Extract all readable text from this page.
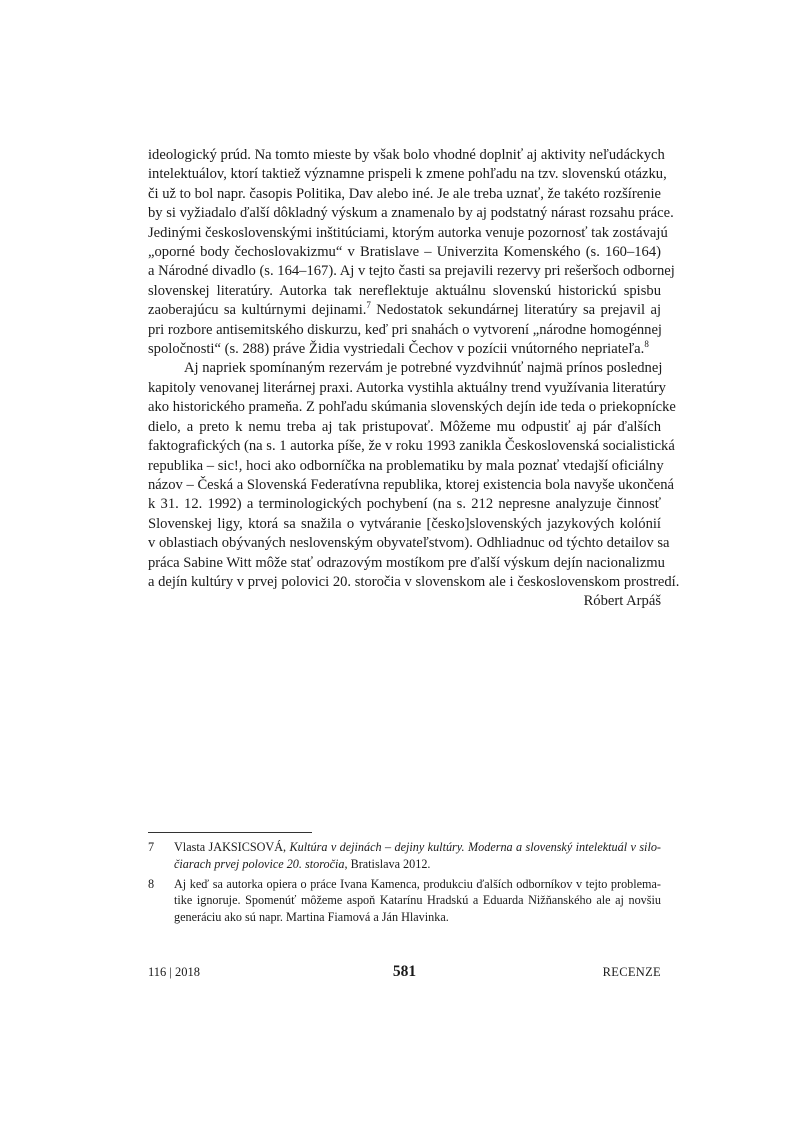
ideologický prúd. Na tomto mieste by však bolo vhodné doplniť aj aktivity neľudáckych
intelektuálov, ktorí taktiež významne prispeli k zmene pohľadu na tzv. slovenskú otázku,
či už to bol napr. časopis Politika, Dav alebo iné. Je ale treba uznať, že takéto rozšírenie
by si vyžiadalo ďalší dôkladný výskum a znamenalo by aj podstatný nárast rozsahu práce.
Jedinými československými inštitúciami, ktorým autorka venuje pozornosť tak zostávajú
„oporné body čechoslovakizmu“ v Bratislave – Univerzita Komenského (s. 160–164)
a Národné divadlo (s. 164–167). Aj v tejto časti sa prejavili rezervy pri rešeršoch odbornej
slovenskej literatúry. Autorka tak nereflektuje aktuálnu slovenskú historickú spisbu
zaoberajúcu sa kultúrnymi dejinami.$^7$ Nedostatok sekundárnej literatúry sa prejavil aj
pri rozbore antisemitského diskurzu, keď pri snahách o vytvorení „národne homogénnej
spoločnosti“ (s. 288) práve Židia vystriedali Čechov v pozícii vnútorného nepriateľa.$^8$
Aj napriek spomínaným rezervám je potrebné vyzdvihnúť najmä prínos poslednej
kapitoly venovanej literárnej praxi. Autorka vystihla aktuálny trend využívania literatúry
ako historického prameňa. Z pohľadu skúmania slovenských dejín ide teda o priekopnícke
dielo, a preto k nemu treba aj tak pristupovať. Môžeme mu odpustiť aj pár ďalších
faktografických (na s. 1 autorka píše, že v roku 1993 zanikla Československá socialistická
republika – sic!, hoci ako odborníčka na problematiku by mala poznať vtedajší oficiálny
názov – Česká a Slovenská Federatívna republika, ktorej existencia bola navyše ukončená
k 31. 12. 1992) a terminologických pochybení (na s. 212 nepresne analyzuje činnosť
Slovenskej ligy, ktorá sa snažila o vytváranie [česko]slovenských jazykových kolónií
v oblastiach obývaných neslovenským obyvateľstvom). Odhliadnuc od týchto detailov sa
práca Sabine Witt môže stať odrazovým mostíkom pre ďalší výskum dejín nacionalizmu
a dejín kultúry v prvej polovici 20. storočia v slovenskom ale i československom prostredí.

Róbert Arpáš

7 Vlasta JAKSICSOVÁ, Kultúra v dejinách – dejiny kultúry. Moderna a slovenský intelektuál v silo-
čiarach prvej polovice 20. storočia, Bratislava 2012.
8 Aj keď sa autorka opiera o práce Ivana Kamenca, produkciu ďalších odborníkov v tejto problema-
tike ignoruje. Spomenúť môžeme aspoň Katarínu Hradskú a Eduarda Nižňanského ale aj novšiu
generáciu ako sú napr. Martina Fiamová a Ján Hlavinka.
116 | 2018	581	RECENZE
